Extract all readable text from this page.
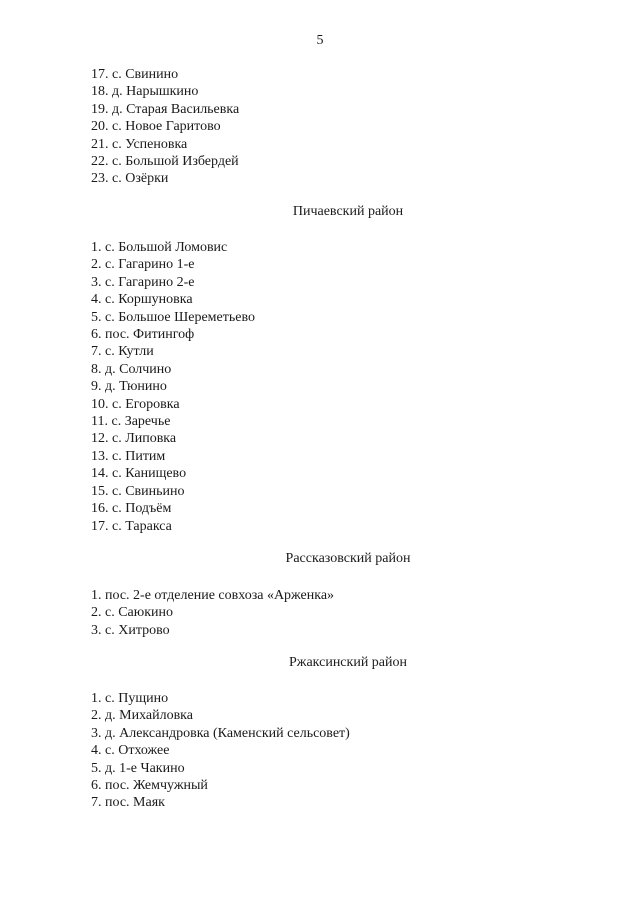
5
17. с. Свинино
18. д. Нарышкино
19. д. Старая Васильевка
20. с. Новое Гаритово
21. с. Успеновка
22. с. Большой Избердей
23. с. Озёрки
Пичаевский район
1. с. Большой Ломовис
2. с. Гагарино 1-е
3. с. Гагарино 2-е
4. с. Коршуновка
5. с. Большое Шереметьево
6. пос. Фитингоф
7. с. Кутли
8. д. Солчино
9. д. Тюнино
10. с. Егоровка
11. с. Заречье
12. с. Липовка
13. с. Питим
14. с. Канищево
15. с. Свиньино
16. с. Подъём
17. с. Таракса
Рассказовский район
1. пос. 2-е отделение совхоза «Арженка»
2. с. Саюкино
3. с. Хитрово
Ржаксинский район
1. с. Пущино
2. д. Михайловка
3. д. Александровка (Каменский сельсовет)
4. с. Отхожее
5. д. 1-е Чакино
6. пос. Жемчужный
7. пос. Маяк
